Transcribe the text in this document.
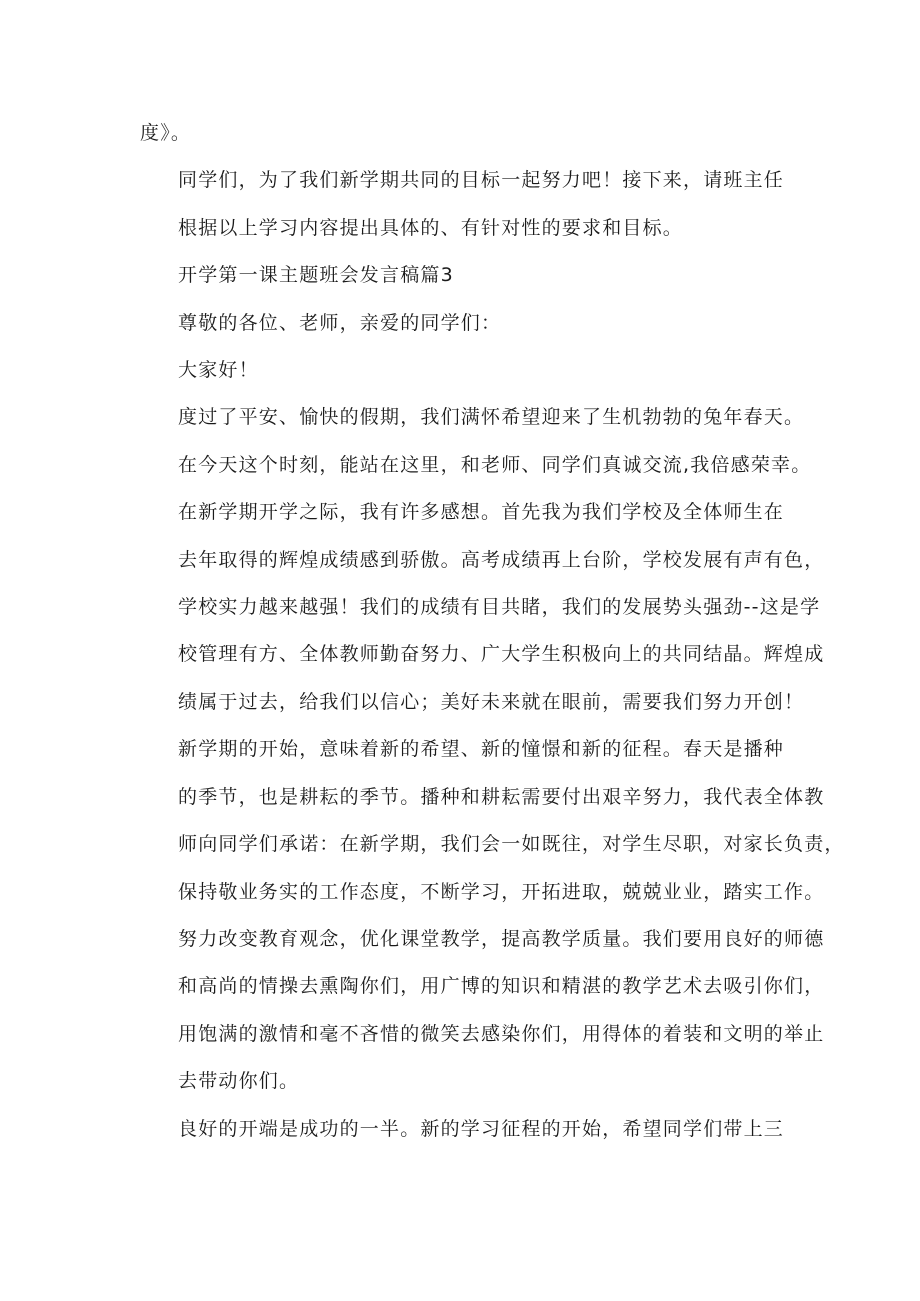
度》。

同学们，为了我们新学期共同的目标一起努力吧！接下来，请班主任
根据以上学习内容提出具体的、有针对性的要求和目标。

开学第一课主题班会发言稿篇3

尊敬的各位、老师，亲爱的同学们：

大家好！

度过了平安、愉快的假期，我们满怀希望迎来了生机勃勃的兔年春天。
在今天这个时刻，能站在这里，和老师、同学们真诚交流,我倍感荣幸。

在新学期开学之际，我有许多感想。首先我为我们学校及全体师生在
去年取得的辉煌成绩感到骄傲。高考成绩再上台阶，学校发展有声有色，
学校实力越来越强！我们的成绩有目共睹，我们的发展势头强劲--这是学
校管理有方、全体教师勤奋努力、广大学生积极向上的共同结晶。辉煌成
绩属于过去，给我们以信心；美好未来就在眼前，需要我们努力开创！

新学期的开始，意味着新的希望、新的憧憬和新的征程。春天是播种
的季节，也是耕耘的季节。播种和耕耘需要付出艰辛努力，我代表全体教
师向同学们承诺：在新学期，我们会一如既往，对学生尽职，对家长负责，
保持敬业务实的工作态度，不断学习，开拓进取，兢兢业业，踏实工作。
努力改变教育观念，优化课堂教学，提高教学质量。我们要用良好的师德
和高尚的情操去熏陶你们，用广博的知识和精湛的教学艺术去吸引你们，
用饱满的激情和毫不吝惜的微笑去感染你们，用得体的着装和文明的举止
去带动你们。

良好的开端是成功的一半。新的学习征程的开始，希望同学们带上三
